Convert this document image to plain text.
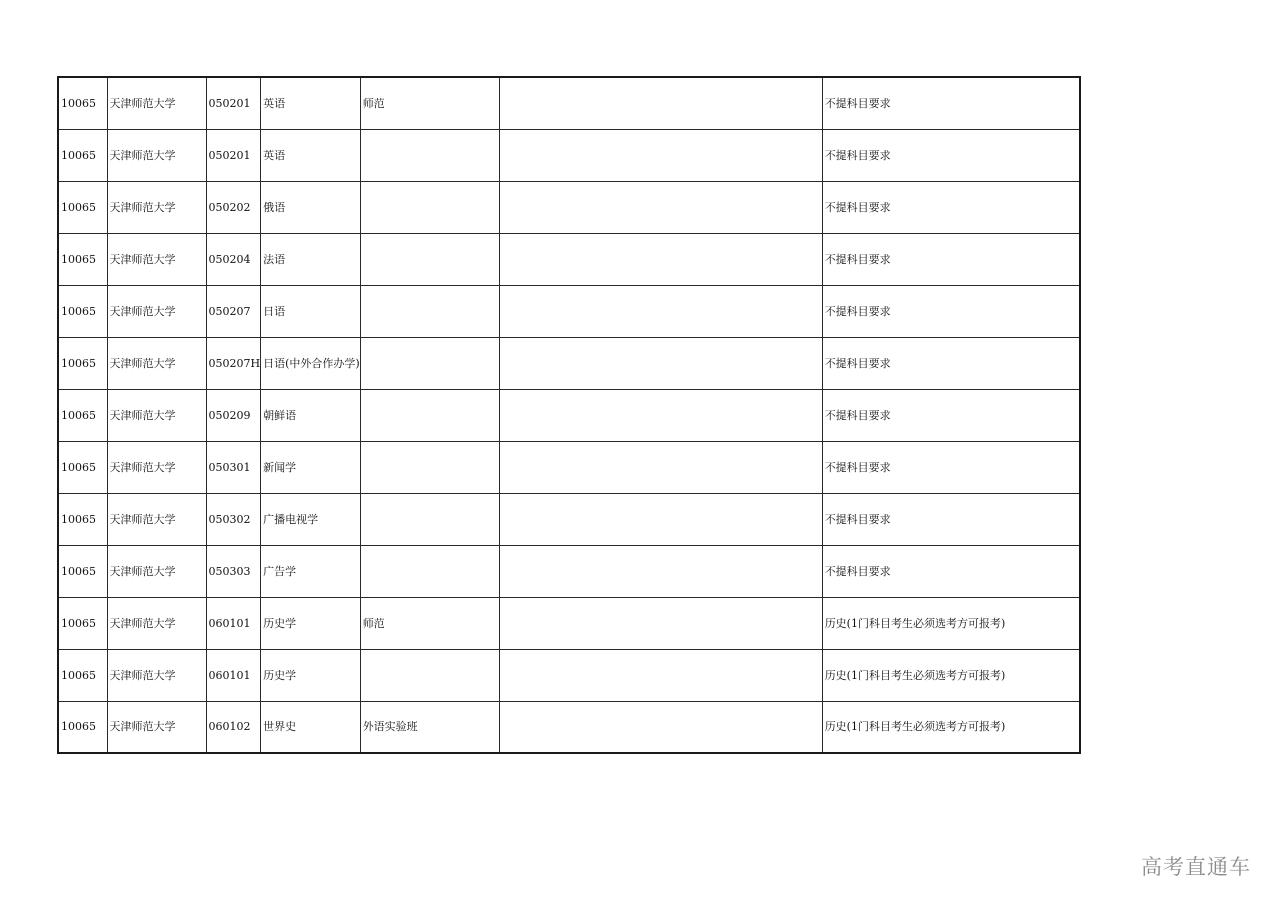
10065	天津师范大学	050201	英语	师范		不提科目要求
10065	天津师范大学	050201	英语			不提科目要求
10065	天津师范大学	050202	俄语			不提科目要求
10065	天津师范大学	050204	法语			不提科目要求
10065	天津师范大学	050207	日语			不提科目要求
10065	天津师范大学	050207H	日语(中外合作办学)			不提科目要求
10065	天津师范大学	050209	朝鲜语			不提科目要求
10065	天津师范大学	050301	新闻学			不提科目要求
10065	天津师范大学	050302	广播电视学			不提科目要求
10065	天津师范大学	050303	广告学			不提科目要求
10065	天津师范大学	060101	历史学	师范		历史(1门科目考生必须选考方可报考)
10065	天津师范大学	060101	历史学			历史(1门科目考生必须选考方可报考)
10065	天津师范大学	060102	世界史	外语实验班		历史(1门科目考生必须选考方可报考)
高考直通车
